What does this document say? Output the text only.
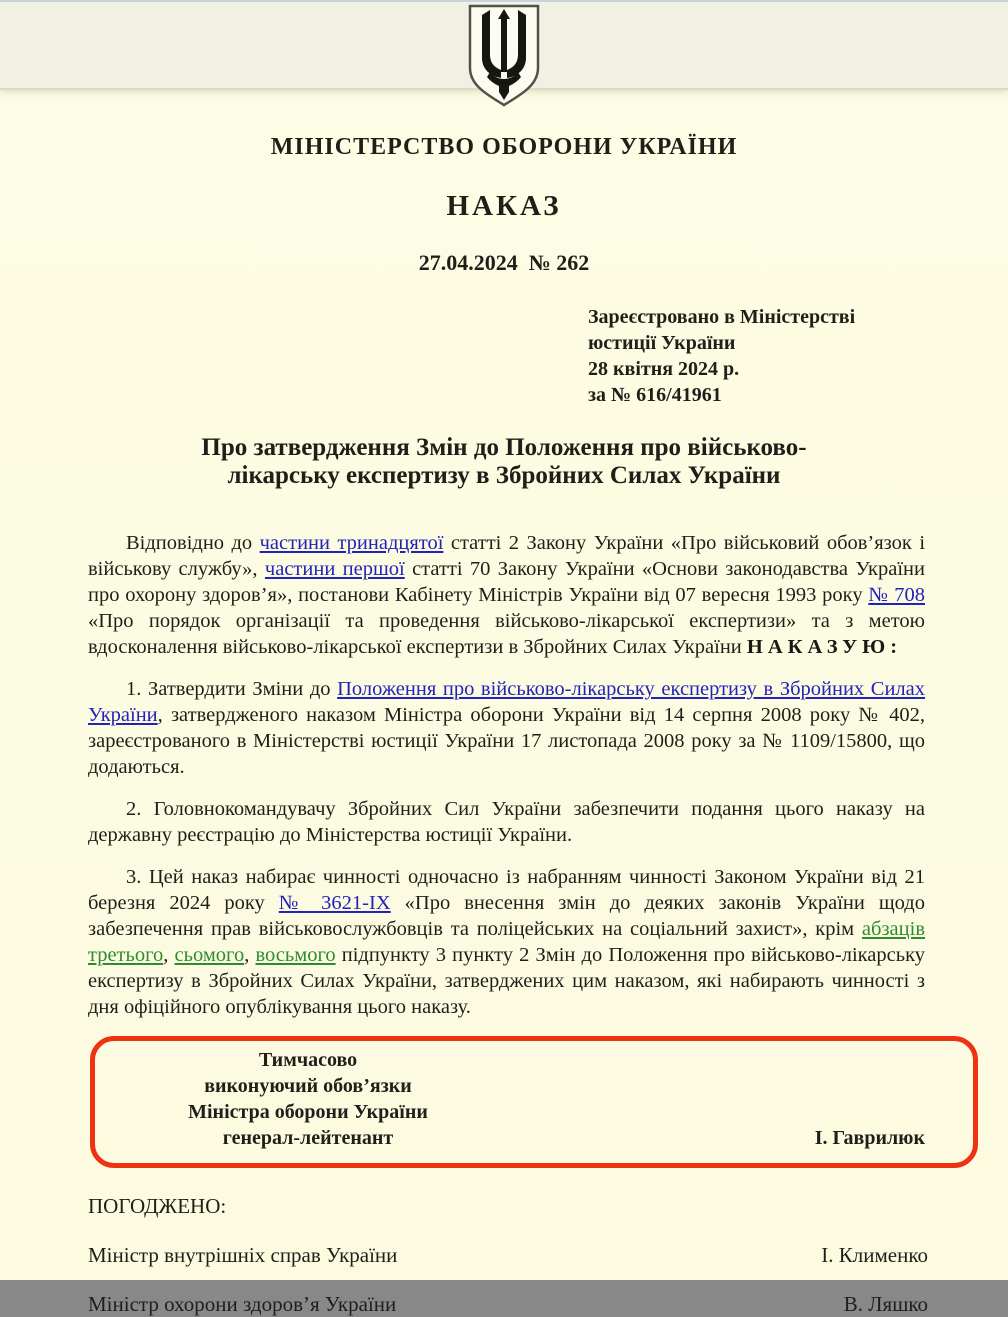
МІНІСТЕРСТВО ОБОРОНИ УКРАЇНИ
НАКАЗ
27.04.2024  № 262
Зареєстровано в Міністерстві
юстиції України
28 квітня 2024 р.
за № 616/41961
Про затвердження Змін до Положення про військово-
лікарську експертизу в Збройних Силах України

Відповідно до частини тринадцятої статті 2 Закону України «Про військовий обов’язок і військову службу», частини першої статті 70 Закону України «Основи законодавства України про охорону здоров’я», постанови Кабінету Міністрів України від 07 вересня 1993 року № 708 «Про порядок організації та проведення військово-лікарської експертизи» та з метою вдосконалення військово-лікарської експертизи в Збройних Силах України НАКАЗУЮ:

1. Затвердити Зміни до Положення про військово-лікарську експертизу в Збройних Силах України, затвердженого наказом Міністра оборони України від 14 серпня 2008 року № 402, зареєстрованого в Міністерстві юстиції України 17 листопада 2008 року за № 1109/15800, що додаються.

2. Головнокомандувачу Збройних Сил України забезпечити подання цього наказу на державну реєстрацію до Міністерства юстиції України.

3. Цей наказ набирає чинності одночасно із набранням чинності Законом України від 21 березня 2024 року № 3621-IX «Про внесення змін до деяких законів України щодо забезпечення прав військовослужбовців та поліцейських на соціальний захист», крім абзаців третього, сьомого, восьмого підпункту 3 пункту 2 Змін до Положення про військово-лікарську експертизу в Збройних Силах України, затверджених цим наказом, які набирають чинності з дня офіційного опублікування цього наказу.

Тимчасово
виконуючий обов’язки
Міністра оборони України
генерал-лейтенант	І. Гаврилюк
ПОГОДЖЕНО:
Міністр внутрішніх справ України	І. Клименко
Міністр охорони здоров’я України	В. Ляшко
